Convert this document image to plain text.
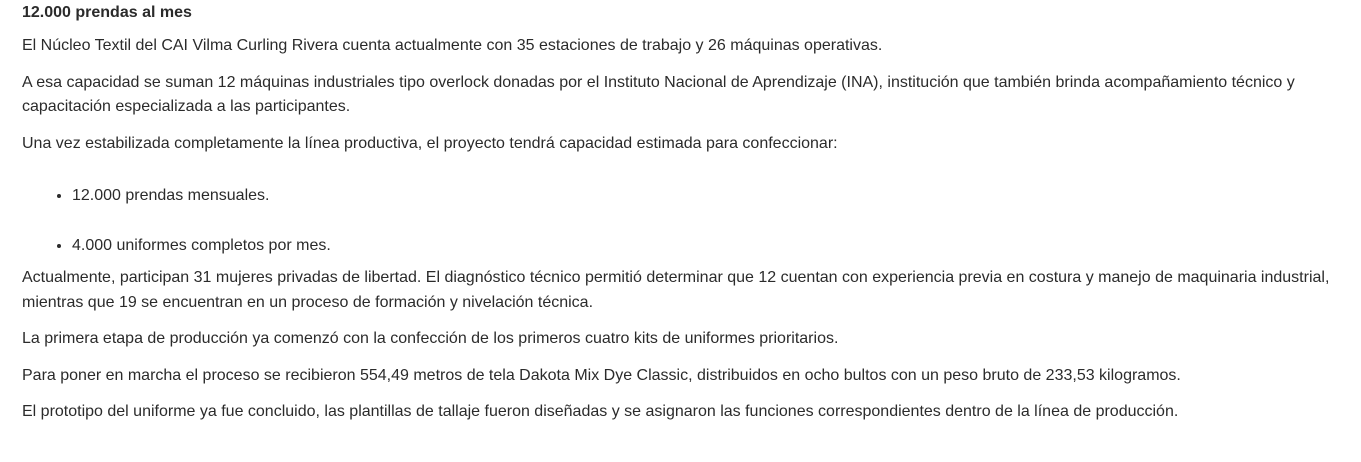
12.000 prendas al mes

El Núcleo Textil del CAI Vilma Curling Rivera cuenta actualmente con 35 estaciones de trabajo y 26 máquinas operativas.

A esa capacidad se suman 12 máquinas industriales tipo overlock donadas por el Instituto Nacional de Aprendizaje (INA), institución que también brinda acompañamiento técnico y capacitación especializada a las participantes.

Una vez estabilizada completamente la línea productiva, el proyecto tendrá capacidad estimada para confeccionar:

• 12.000 prendas mensuales.
• 4.000 uniformes completos por mes.

Actualmente, participan 31 mujeres privadas de libertad. El diagnóstico técnico permitió determinar que 12 cuentan con experiencia previa en costura y manejo de maquinaria industrial, mientras que 19 se encuentran en un proceso de formación y nivelación técnica.

La primera etapa de producción ya comenzó con la confección de los primeros cuatro kits de uniformes prioritarios.

Para poner en marcha el proceso se recibieron 554,49 metros de tela Dakota Mix Dye Classic, distribuidos en ocho bultos con un peso bruto de 233,53 kilogramos.

El prototipo del uniforme ya fue concluido, las plantillas de tallaje fueron diseñadas y se asignaron las funciones correspondientes dentro de la línea de producción.
